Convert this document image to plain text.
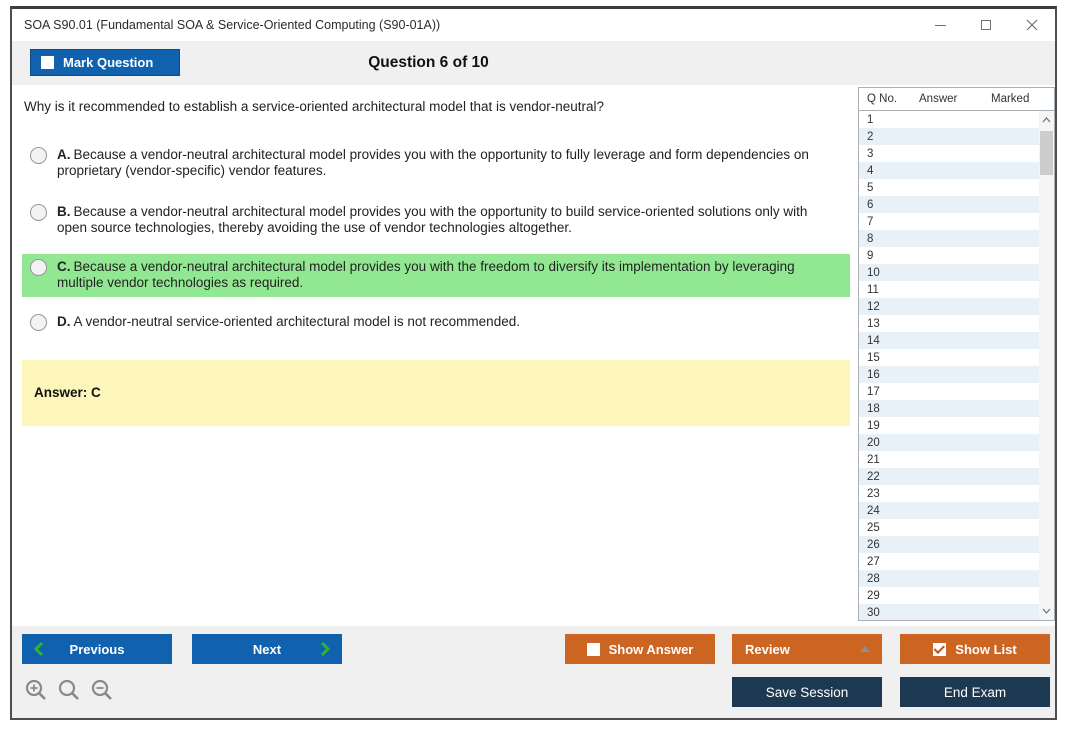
SOA S90.01 (Fundamental SOA & Service-Oriented Computing (S90-01A))
Mark Question	Question 6 of 10

Why is it recommended to establish a service-oriented architectural model that is vendor-neutral?

A. Because a vendor-neutral architectural model provides you with the opportunity to fully leverage and form dependencies on proprietary (vendor-specific) vendor features.

B. Because a vendor-neutral architectural model provides you with the opportunity to build service-oriented solutions only with open source technologies, thereby avoiding the use of vendor technologies altogether.

C. Because a vendor-neutral architectural model provides you with the freedom to diversify its implementation by leveraging multiple vendor technologies as required.

D. A vendor-neutral service-oriented architectural model is not recommended.

Answer: C
Q No.	Answer	Marked
1
2
3
4
5
6
7
8
9
10
11
12
13
14
15
16
17
18
19
20
21
22
23
24
25
26
27
28
29
30
Previous	Next	Show Answer	Review	Show List
Save Session	End Exam
